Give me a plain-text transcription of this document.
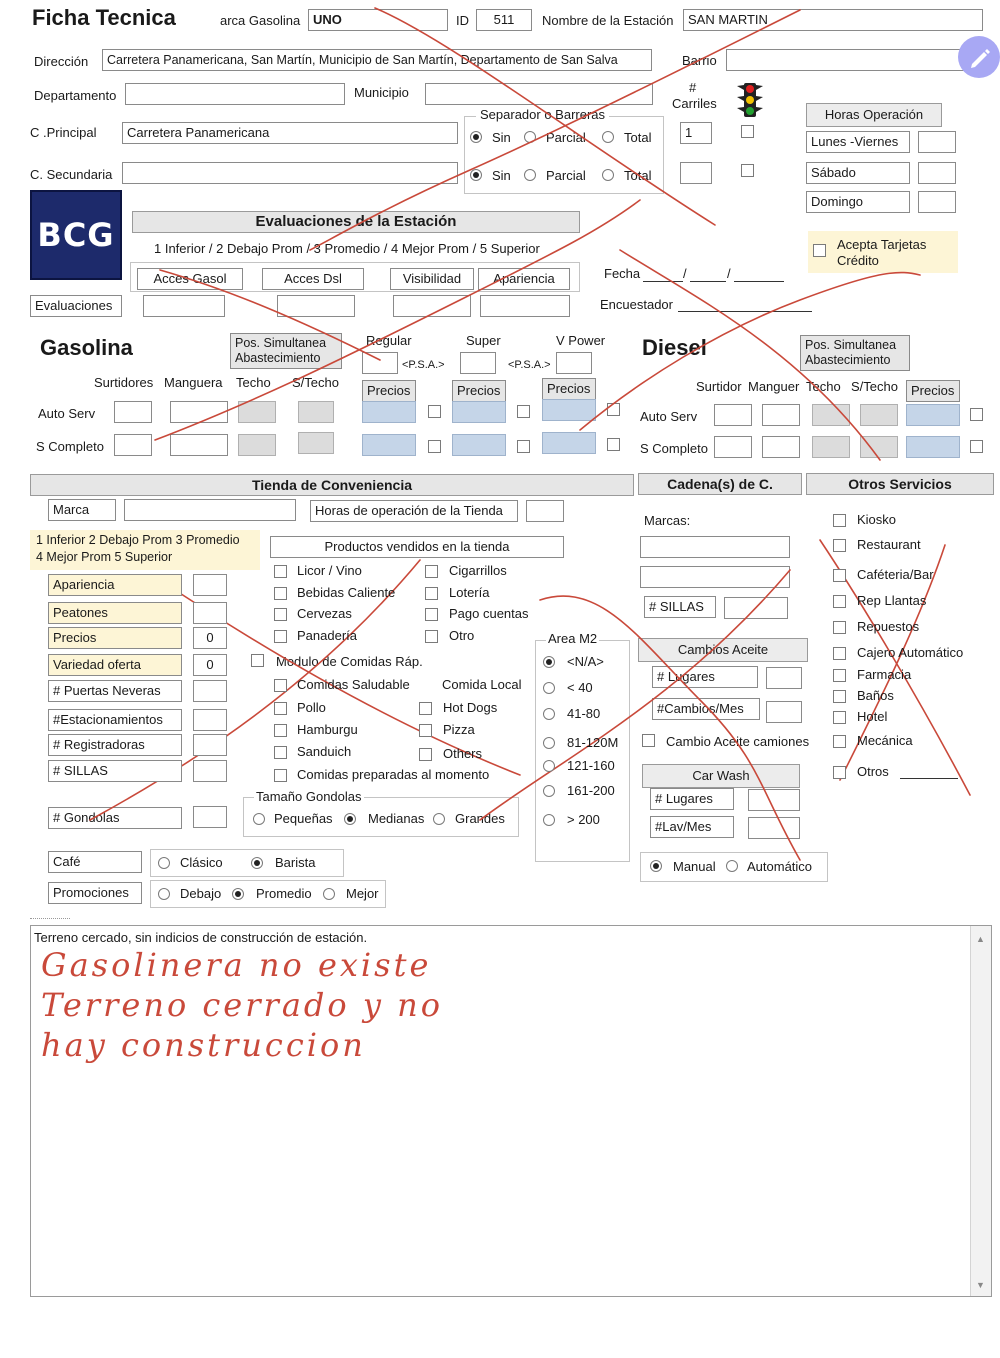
Ficha Tecnica	arca Gasolina UNO	ID	511	Nombre de la Estación	SAN MARTIN
Dirección	Carretera Panamericana, San Martín, Municipio de San Martín, Departamento de San Salva	Barrio
Departamento	Municipio
C .Principal	Carretera Panamericana
C. Secundaria
Separador o Barreras
Sin	Parcial	Total
Sin	Parcial	Total
#
Carriles
1
Horas Operación
Lunes -Viernes
Sábado
Domingo
BCG	Evaluaciones de la Estación
1 Inferior / 2 Debajo Prom / 3 Promedio / 4 Mejor Prom / 5 Superior
Acces Gasol	Acces Dsl	Visibilidad	Apariencia
Evaluaciones
Acepta Tarjetas Crédito
Fecha	/	/
Encuestador
Gasolina	Pos. Simultanea Abastecimiento
Surtidores Manguera Techo S/Techo
Regular	Super	V Power
<P.S.A.>	<P.S.A.>
Precios	Precios	Precios
Auto Serv
S Completo
Diesel	Pos. Simultanea Abastecimiento
Surtidor Manguer Techo S/Techo	Precios
Auto Serv
S Completo
Tienda de Conveniencia	Cadena(s) de C.	Otros Servicios
Marca	Horas de operación de la Tienda
1 Inferior 2 Debajo Prom 3 Promedio
4 Mejor Prom 5 Superior
# Gondolas
Productos vendidos en la tienda
Modulo de Comidas Ráp.
Comida Local
Tamaño Gondolas
Pequeñas	Medianas Grandes
Café	Clásico	Barista
Promociones	Debajo	Promedio	Mejor
Area M2
Marcas:
# SILLAS
Cambios Aceite
# Lugares
#Cambios/Mes
Cambio Aceite camiones
Car Wash
# Lugares
#Lav/Mes
Manual Automático
Terreno cercado, sin indicios de construcción de estación.
Gasolinera no existe
Terreno cerrado y no
hay construccion
▲
▼
Apariencia
Peatones
Precios	0
Variedad oferta	0
# Puertas Neveras
#Estacionamientos
# Registradoras
# SILLAS
Licor / Vino
Bebidas Caliente
Cervezas
Panadería
Cigarrillos
Lotería
Pago cuentas
Otro
Comidas Saludable
Pollo
Hamburgu
Sanduich
Comidas preparadas al momento
Hot Dogs
Pizza
Others
<N/A>
< 40
41-80
81-120M
121-160
161-200
> 200
Kiosko
Restaurant
Caféteria/Bar
Rep Llantas
Repuestos
Cajero Automático
Farmacia
Baños
Hotel
Mecánica
Otros
